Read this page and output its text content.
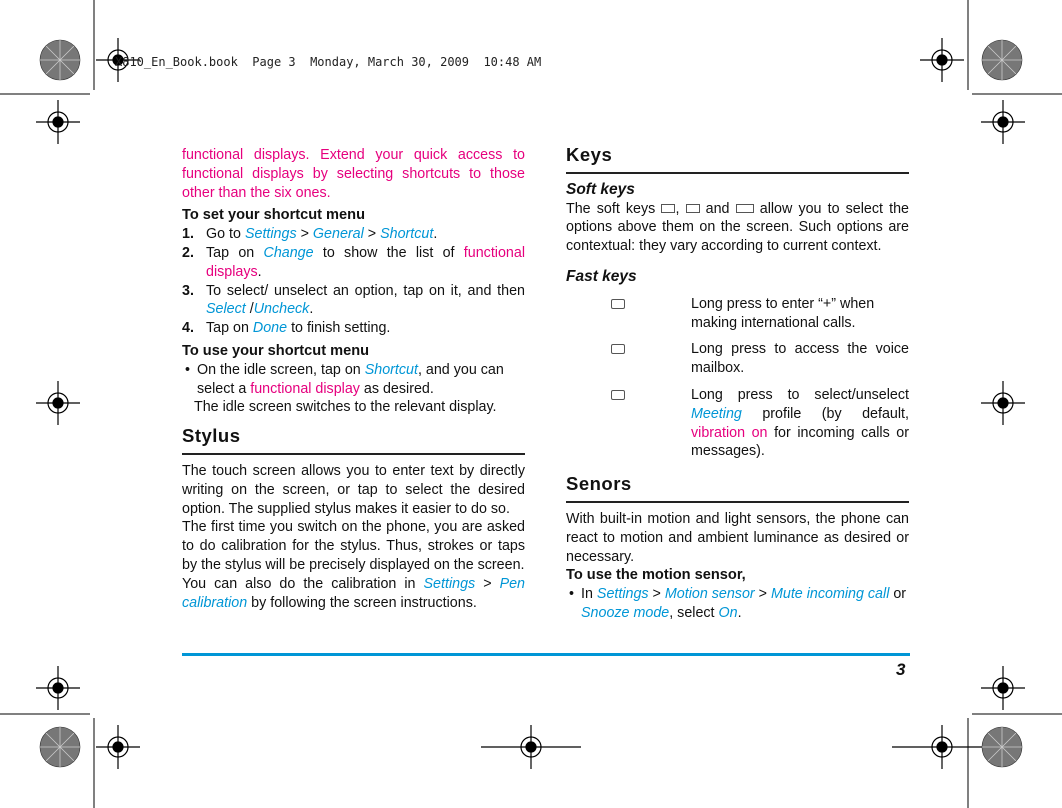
X810_En_Book.book  Page 3  Monday, March 30, 2009  10:48 AM

functional displays. Extend your quick access to functional displays by selecting shortcuts to those other than the six ones.

To set your shortcut menu

1. Go to Settings > General > Shortcut.
2. Tap on Change to show the list of functional displays.
3. To select/ unselect an option, tap on it, and then Select /Uncheck.
4. Tap on Done to finish setting.

To use your shortcut menu

• On the idle screen, tap on Shortcut, and you can select a functional display as desired.

The idle screen switches to the relevant display.

Stylus

The touch screen allows you to enter text by directly writing on the screen, or tap to select the desired option. The supplied stylus makes it easier to do so.

The first time you switch on the phone, you are asked to do calibration for the stylus. Thus, strokes or taps by the stylus will be precisely displayed on the screen.

You can also do the calibration in Settings > Pen calibration by following the screen instructions.

Keys

Soft keys

The soft keys ,  and  allow you to select the options above them on the screen. Such options are contextual: they vary according to current context.

Fast keys

Long press to enter “+” when making international calls.
Long press to access the voice mailbox.
Long press to select/unselect Meeting profile (by default, vibration on for incoming calls or messages).
Senors

With built-in motion and light sensors, the phone can react to motion and ambient luminance as desired or necessary.

To use the motion sensor,

• In Settings > Motion sensor > Mute incoming call or Snooze mode, select On.
3
